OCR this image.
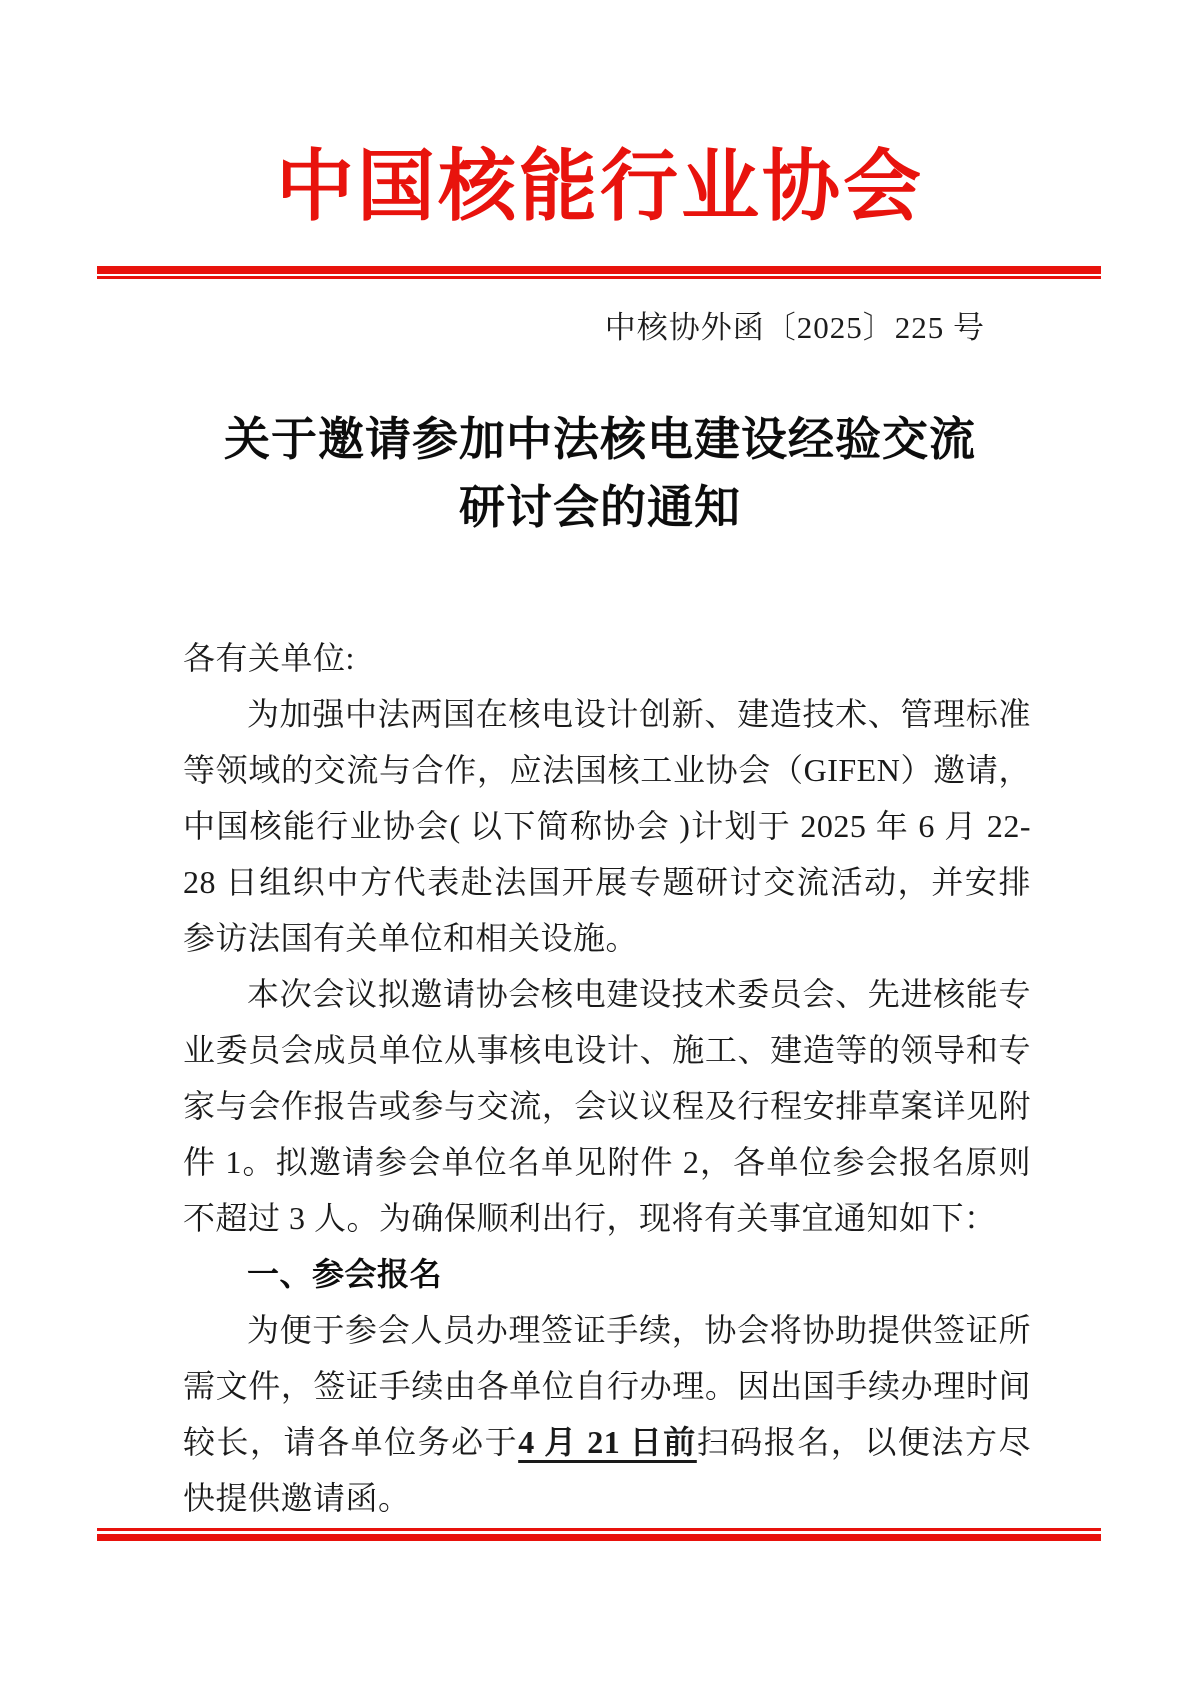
中国核能行业协会
中核协外函〔2025〕225 号
关于邀请参加中法核电建设经验交流
研讨会的通知

各有关单位:

为加强中法两国在核电设计创新、建造技术、管理标准等领域的交流与合作，应法国核工业协会（GIFEN）邀请，中国核能行业协会( 以下简称协会 )计划于 2025 年 6 月 22-28 日组织中方代表赴法国开展专题研讨交流活动，并安排参访法国有关单位和相关设施。

本次会议拟邀请协会核电建设技术委员会、先进核能专业委员会成员单位从事核电设计、施工、建造等的领导和专家与会作报告或参与交流，会议议程及行程安排草案详见附件 1。拟邀请参会单位名单见附件 2，各单位参会报名原则不超过 3 人。为确保顺利出行，现将有关事宜通知如下：

一、参会报名

为便于参会人员办理签证手续，协会将协助提供签证所需文件，签证手续由各单位自行办理。因出国手续办理时间较长，请各单位务必于4 月 21 日前扫码报名，以便法方尽快提供邀请函。
